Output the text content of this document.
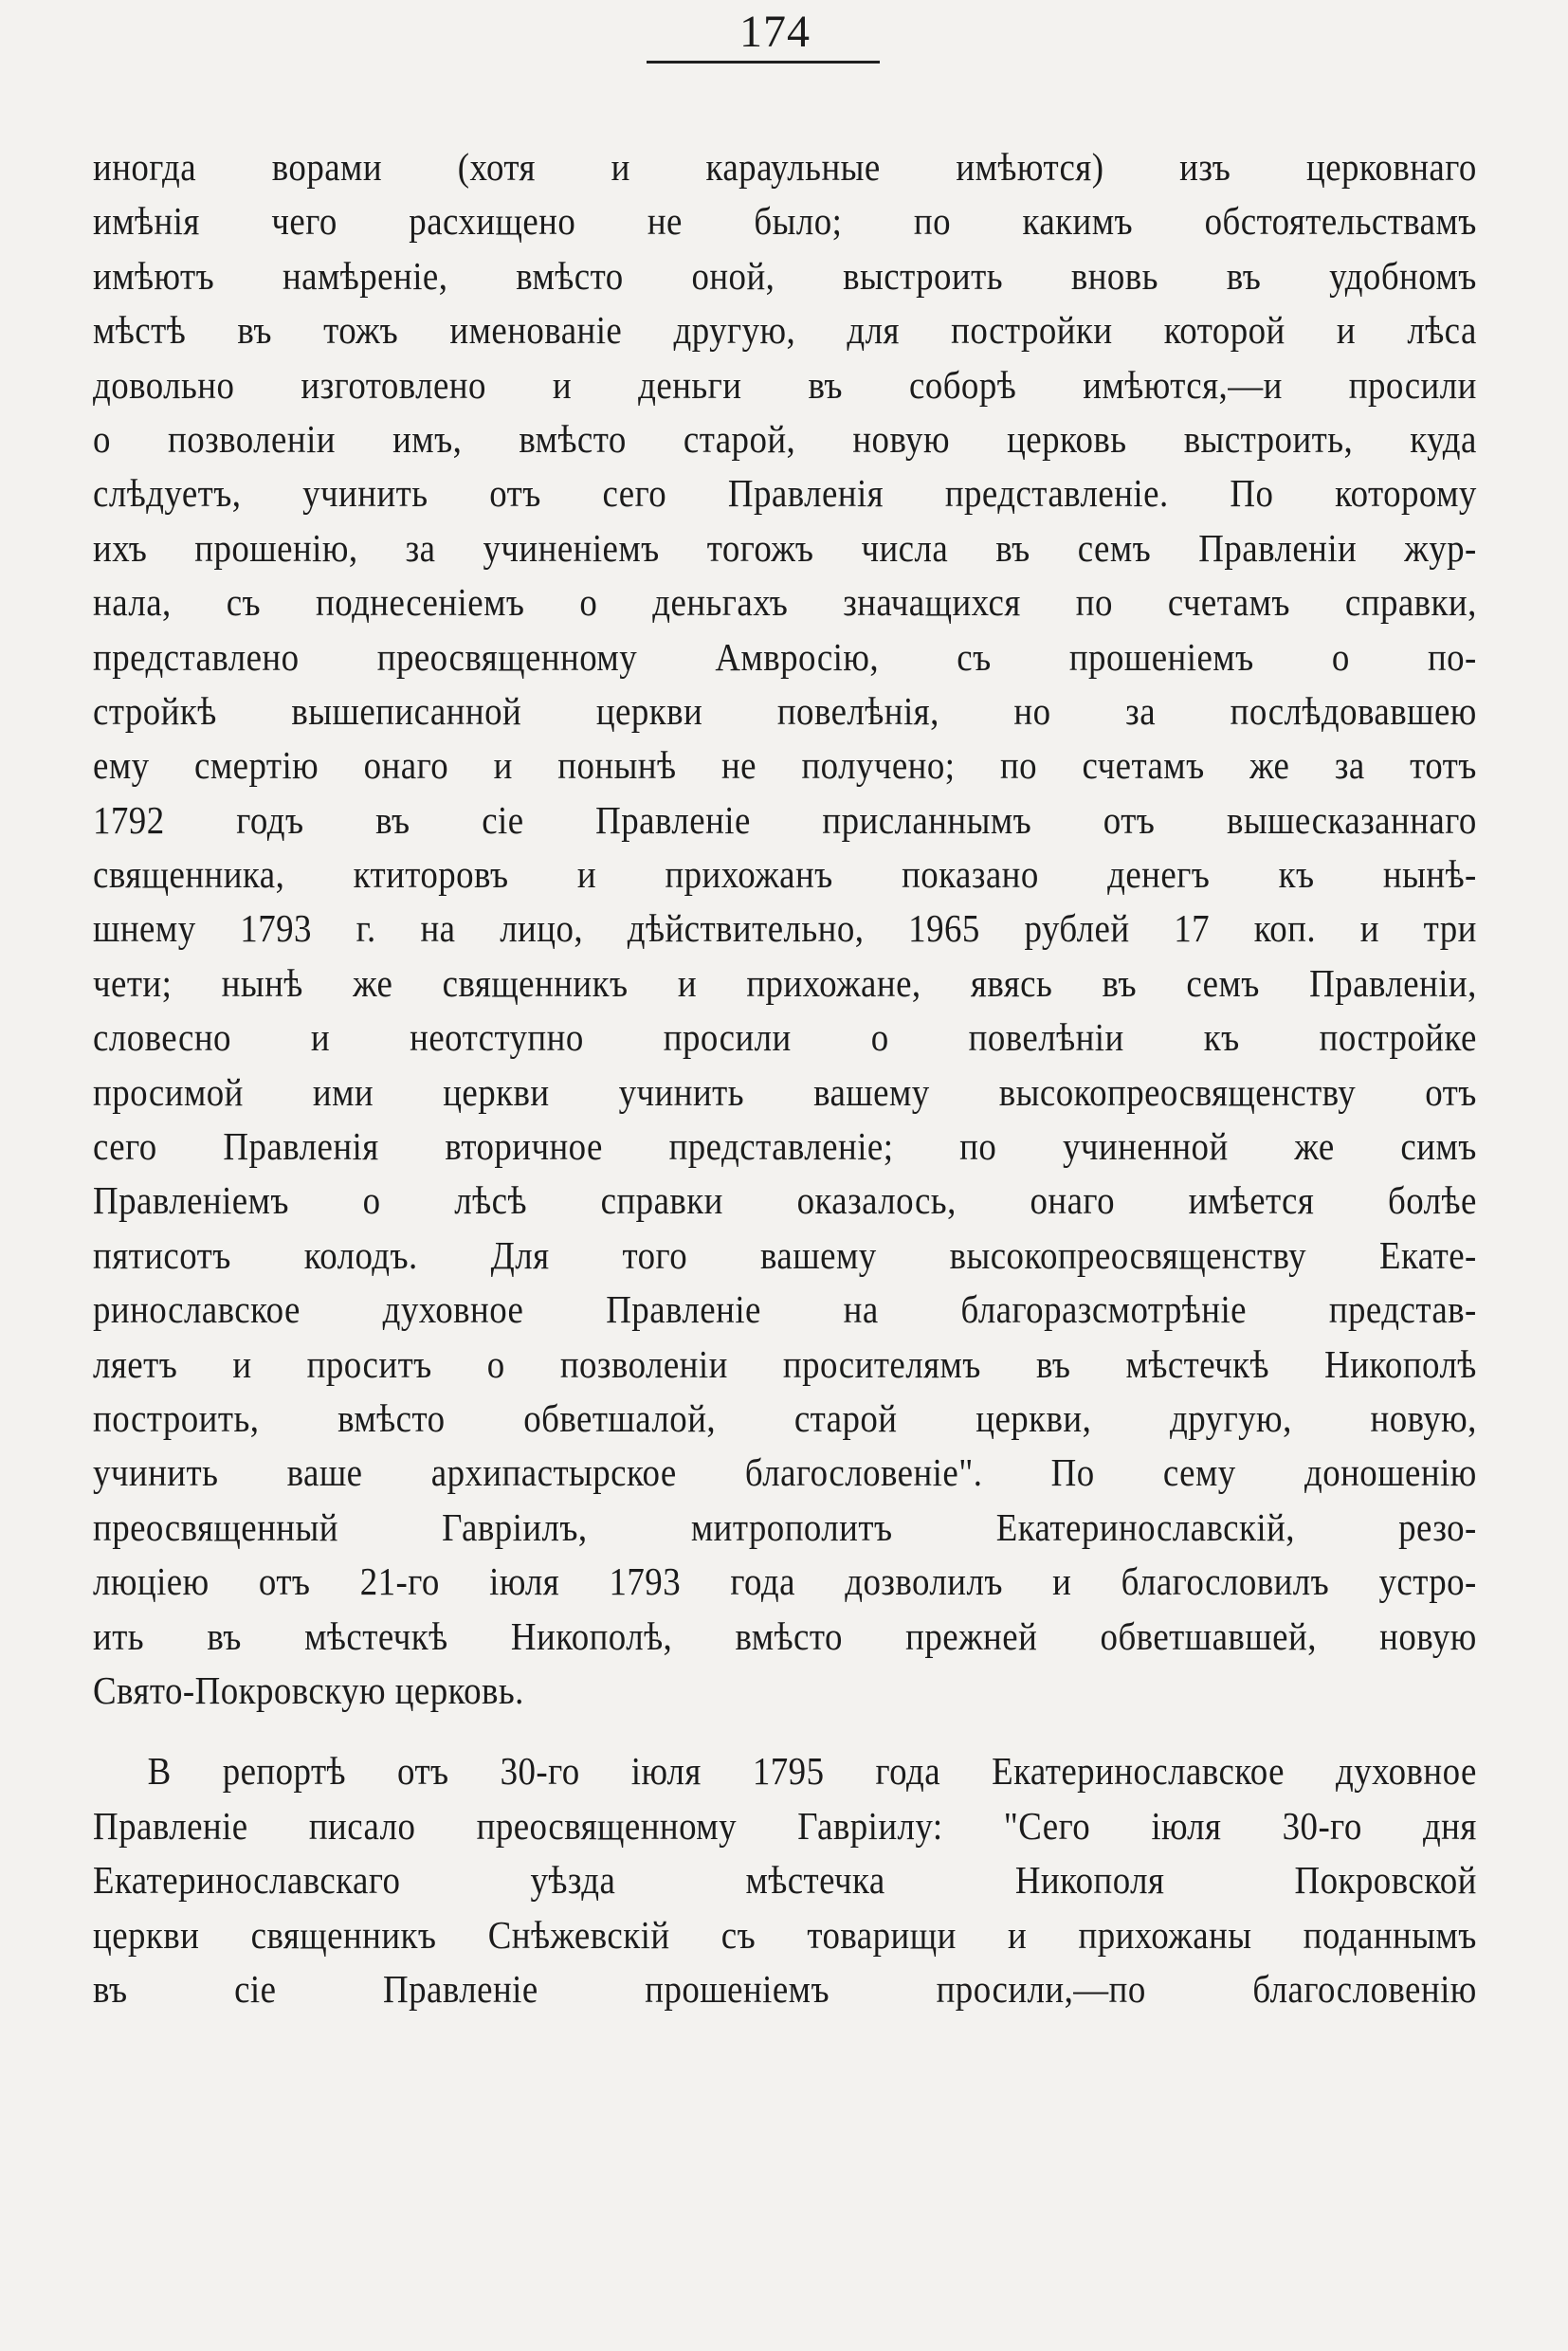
174
иногда ворами (хотя и караульные имѣются) изъ церковнаго
имѣнія чего расхищено не было; по какимъ обстоятельствамъ
имѣютъ намѣреніе, вмѣсто оной, выстроить вновь въ удобномъ
мѣстѣ въ тожъ именованіе другую, для постройки которой и лѣса
довольно изготовлено и деньги въ соборѣ имѣются,—и просили
о позволеніи имъ, вмѣсто старой, новую церковь выстроить, куда
слѣдуетъ, учинить отъ сего Правленія представленіе. По которому
ихъ прошенію, за учиненіемъ тогожъ числа въ семъ Правленіи жур-
нала, съ поднесеніемъ о деньгахъ значащихся по счетамъ справки,
представлено преосвященному Амвросію, съ прошеніемъ о по-
стройкѣ вышеписанной церкви повелѣнія, но за послѣдовавшею
ему смертію онаго и понынѣ не получено; по счетамъ же за тотъ
1792 годъ въ сіе Правленіе присланнымъ отъ вышесказаннаго
священника, ктиторовъ и прихожанъ показано денегъ къ нынѣ-
шнему 1793 г. на лицо, дѣйствительно, 1965 рублей 17 коп. и три
чети; нынѣ же священникъ и прихожане, явясь въ семъ Правленіи,
словесно и неотступно просили о повелѣніи къ постройке
просимой ими церкви учинить вашему высокопреосвященству отъ
сего Правленія вторичное представленіе; по учиненной же симъ
Правленіемъ о лѣсѣ справки оказалось, онаго имѣется болѣе
пятисотъ колодъ. Для того вашему высокопреосвященству Екате-
ринославское духовное Правленіе на благоразсмотрѣніе представ-
ляетъ и проситъ о позволеніи просителямъ въ мѣстечкѣ Никополѣ
построить, вмѣсто обветшалой, старой церкви, другую, новую,
учинить ваше архипастырское благословеніе". По сему доношенію
преосвященный Гавріилъ, митрополитъ Екатеринославскій, резо-
люціею отъ 21-го іюля 1793 года дозволилъ и благословилъ устро-
ить въ мѣстечкѣ Никополѣ, вмѣсто прежней обветшавшей, новую
Свято-Покровскую церковь.
В репортѣ отъ 30-го іюля 1795 года Екатеринославское духовное
Правленіе писало преосвященному Гавріилу: "Сего іюля 30-го дня
Екатеринославскаго уѣзда мѣстечка Никополя Покровской
церкви священникъ Снѣжевскій съ товарищи и прихожаны поданнымъ
въ сіе Правленіе прошеніемъ просили,—по благословенію
